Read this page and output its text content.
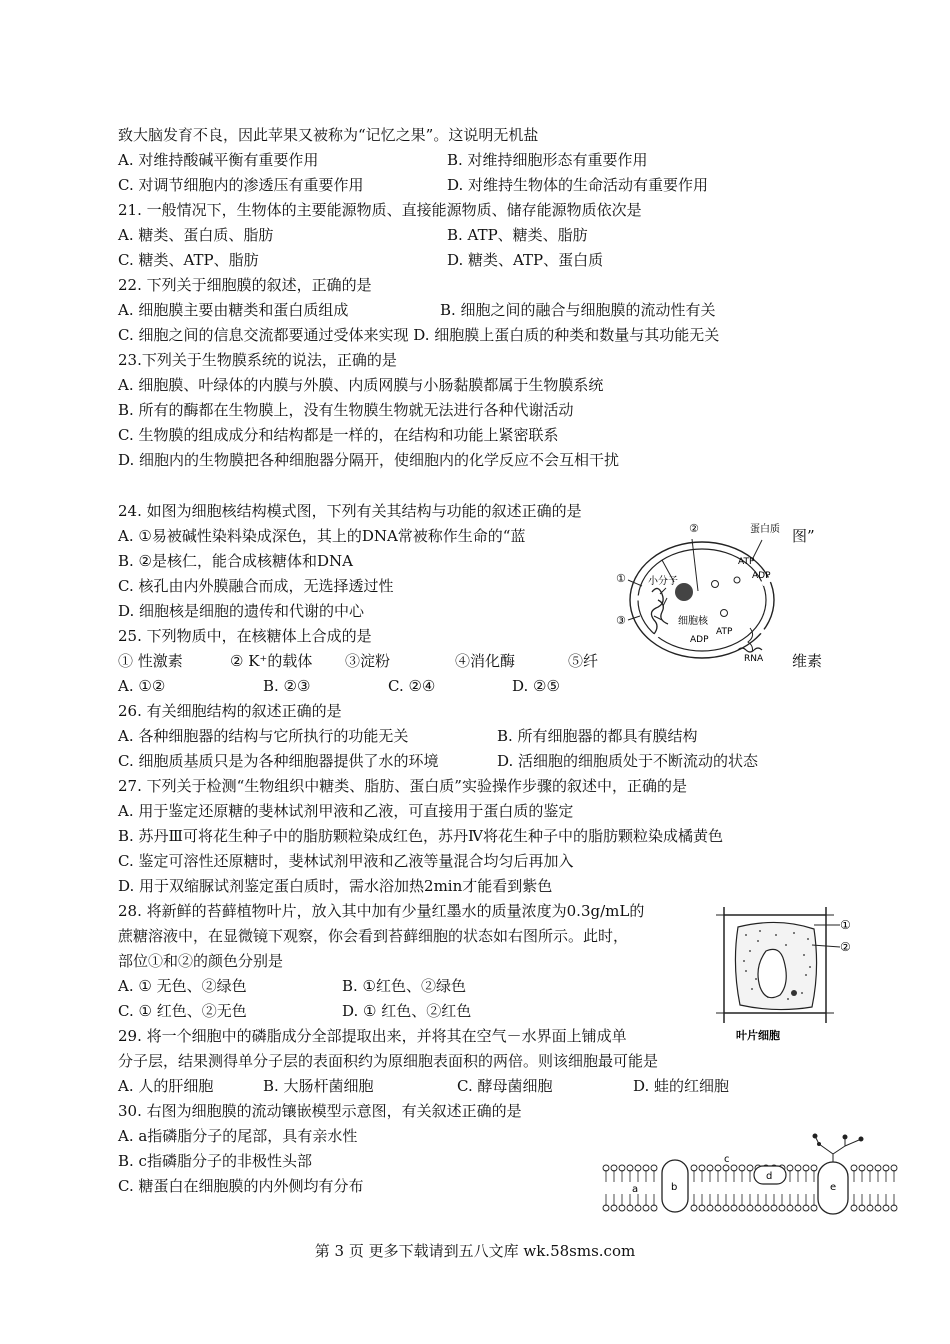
致大脑发育不良，因此苹果又被称为“记忆之果”。这说明无机盐
A. 对维持酸碱平衡有重要作用	B. 对维持细胞形态有重要作用
C. 对调节细胞内的渗透压有重要作用	D. 对维持生物体的生命活动有重要作用
21. 一般情况下，生物体的主要能源物质、直接能源物质、储存能源物质依次是
A. 糖类、蛋白质、脂肪	B. ATP、糖类、脂肪
C. 糖类、ATP、脂肪	D. 糖类、ATP、蛋白质
22. 下列关于细胞膜的叙述，正确的是
A. 细胞膜主要由糖类和蛋白质组成	B. 细胞之间的融合与细胞膜的流动性有关
C. 细胞之间的信息交流都要通过受体来实现 D. 细胞膜上蛋白质的种类和数量与其功能无关
23.下列关于生物膜系统的说法，正确的是
A. 细胞膜、叶绿体的内膜与外膜、内质网膜与小肠黏膜都属于生物膜系统
B. 所有的酶都在生物膜上，没有生物膜生物就无法进行各种代谢活动
C. 生物膜的组成成分和结构都是一样的，在结构和功能上紧密联系
D. 细胞内的生物膜把各种细胞器分隔开，使细胞内的化学反应不会互相干扰
24. 如图为细胞核结构模式图，下列有关其结构与功能的叙述正确的是
A. ①易被碱性染料染成深色，其上的DNA常被称作生命的“蓝	图”
B. ②是核仁，能合成核糖体和DNA
C. 核孔由内外膜融合而成，无选择透过性
D. 细胞核是细胞的遗传和代谢的中心
25. 下列物质中，在核糖体上合成的是
① 性激素	② K⁺的载体 ③淀粉	④消化酶	⑤纤	维素
A. ①②	B. ②③	C. ②④	D. ②⑤
26. 有关细胞结构的叙述正确的是
A. 各种细胞器的结构与它所执行的功能无关	B. 所有细胞器的都具有膜结构
C. 细胞质基质只是为各种细胞器提供了水的环境	D. 活细胞的细胞质处于不断流动的状态
27. 下列关于检测“生物组织中糖类、脂肪、蛋白质”实验操作步骤的叙述中，正确的是
A. 用于鉴定还原糖的斐林试剂甲液和乙液，可直接用于蛋白质的鉴定
B. 苏丹Ⅲ可将花生种子中的脂肪颗粒染成红色，苏丹Ⅳ将花生种子中的脂肪颗粒染成橘黄色
C. 鉴定可溶性还原糖时，斐林试剂甲液和乙液等量混合均匀后再加入
D. 用于双缩脲试剂鉴定蛋白质时，需水浴加热2min才能看到紫色
28. 将新鲜的苔藓植物叶片，放入其中加有少量红墨水的质量浓度为0.3g/mL的
蔗糖溶液中，在显微镜下观察，你会看到苔藓细胞的状态如右图所示。此时，
部位①和②的颜色分别是
A. ① 无色、②绿色	B. ①红色、②绿色
C. ① 红色、②无色	D. ① 红色、②红色
29. 将一个细胞中的磷脂成分全部提取出来，并将其在空气－水界面上铺成单
分子层，结果测得单分子层的表面积约为原细胞表面积的两倍。则该细胞最可能是
A. 人的肝细胞	B. 大肠杆菌细胞	C. 酵母菌细胞	D. 蛙的红细胞
30. 右图为细胞膜的流动镶嵌模型示意图，有关叙述正确的是
A. a指磷脂分子的尾部，具有亲水性
B. c指磷脂分子的非极性头部
C. 糖蛋白在细胞膜的内外侧均有分布
②	蛋白质
ATP
ADP
① 小分子
③	细胞核
ATP
ADP
RNA
①
②
叶片细胞
a	b
c
d
e
第 3 页 更多下载请到五八文库 wk.58sms.com
